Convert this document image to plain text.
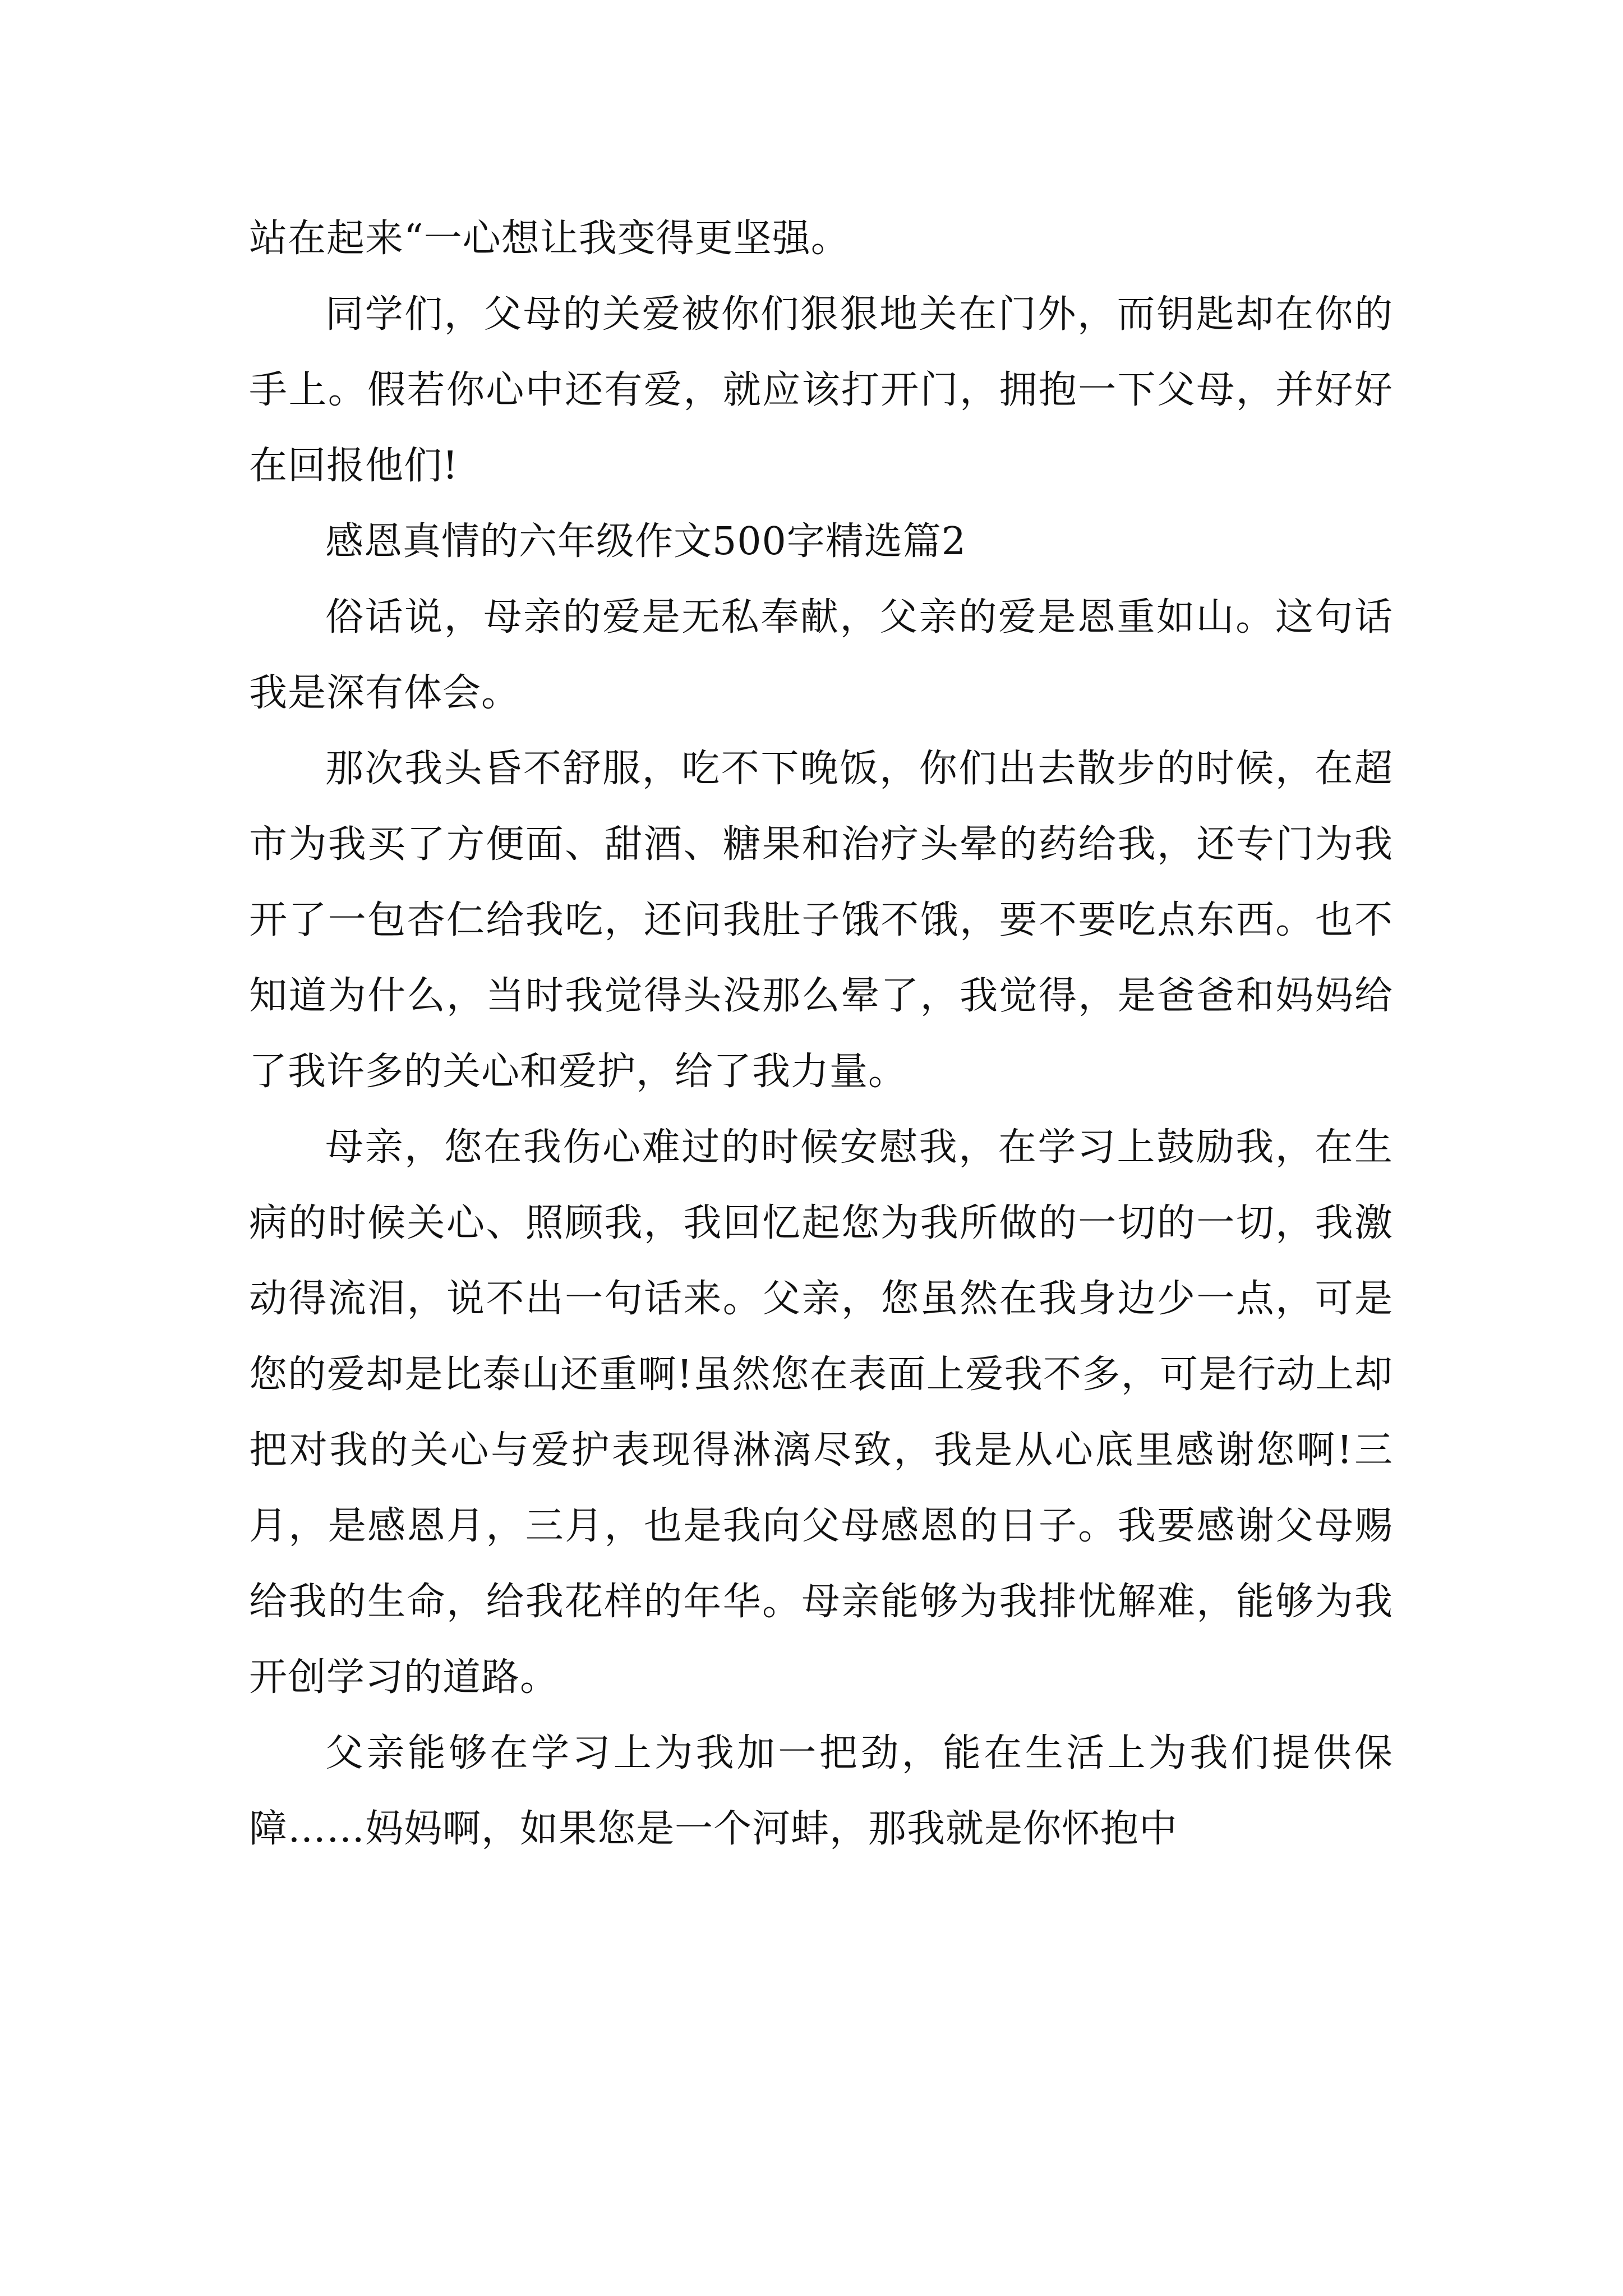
站在起来“一心想让我变得更坚强。

同学们，父母的关爱被你们狠狠地关在门外，而钥匙却在你的手上。假若你心中还有爱，就应该打开门，拥抱一下父母，并好好在回报他们!

感恩真情的六年级作文500字精选篇2

俗话说，母亲的爱是无私奉献，父亲的爱是恩重如山。这句话我是深有体会。

那次我头昏不舒服，吃不下晚饭，你们出去散步的时候，在超市为我买了方便面、甜酒、糖果和治疗头晕的药给我，还专门为我开了一包杏仁给我吃，还问我肚子饿不饿，要不要吃点东西。也不知道为什么，当时我觉得头没那么晕了，我觉得，是爸爸和妈妈给了我许多的关心和爱护，给了我力量。

母亲，您在我伤心难过的时候安慰我，在学习上鼓励我，在生病的时候关心、照顾我，我回忆起您为我所做的一切的一切，我激动得流泪，说不出一句话来。父亲，您虽然在我身边少一点，可是您的爱却是比泰山还重啊!虽然您在表面上爱我不多，可是行动上却把对我的关心与爱护表现得淋漓尽致，我是从心底里感谢您啊!三月，是感恩月，三月，也是我向父母感恩的日子。我要感谢父母赐给我的生命，给我花样的年华。母亲能够为我排忧解难，能够为我开创学习的道路。

父亲能够在学习上为我加一把劲，能在生活上为我们提供保障……妈妈啊，如果您是一个河蚌，那我就是你怀抱中
